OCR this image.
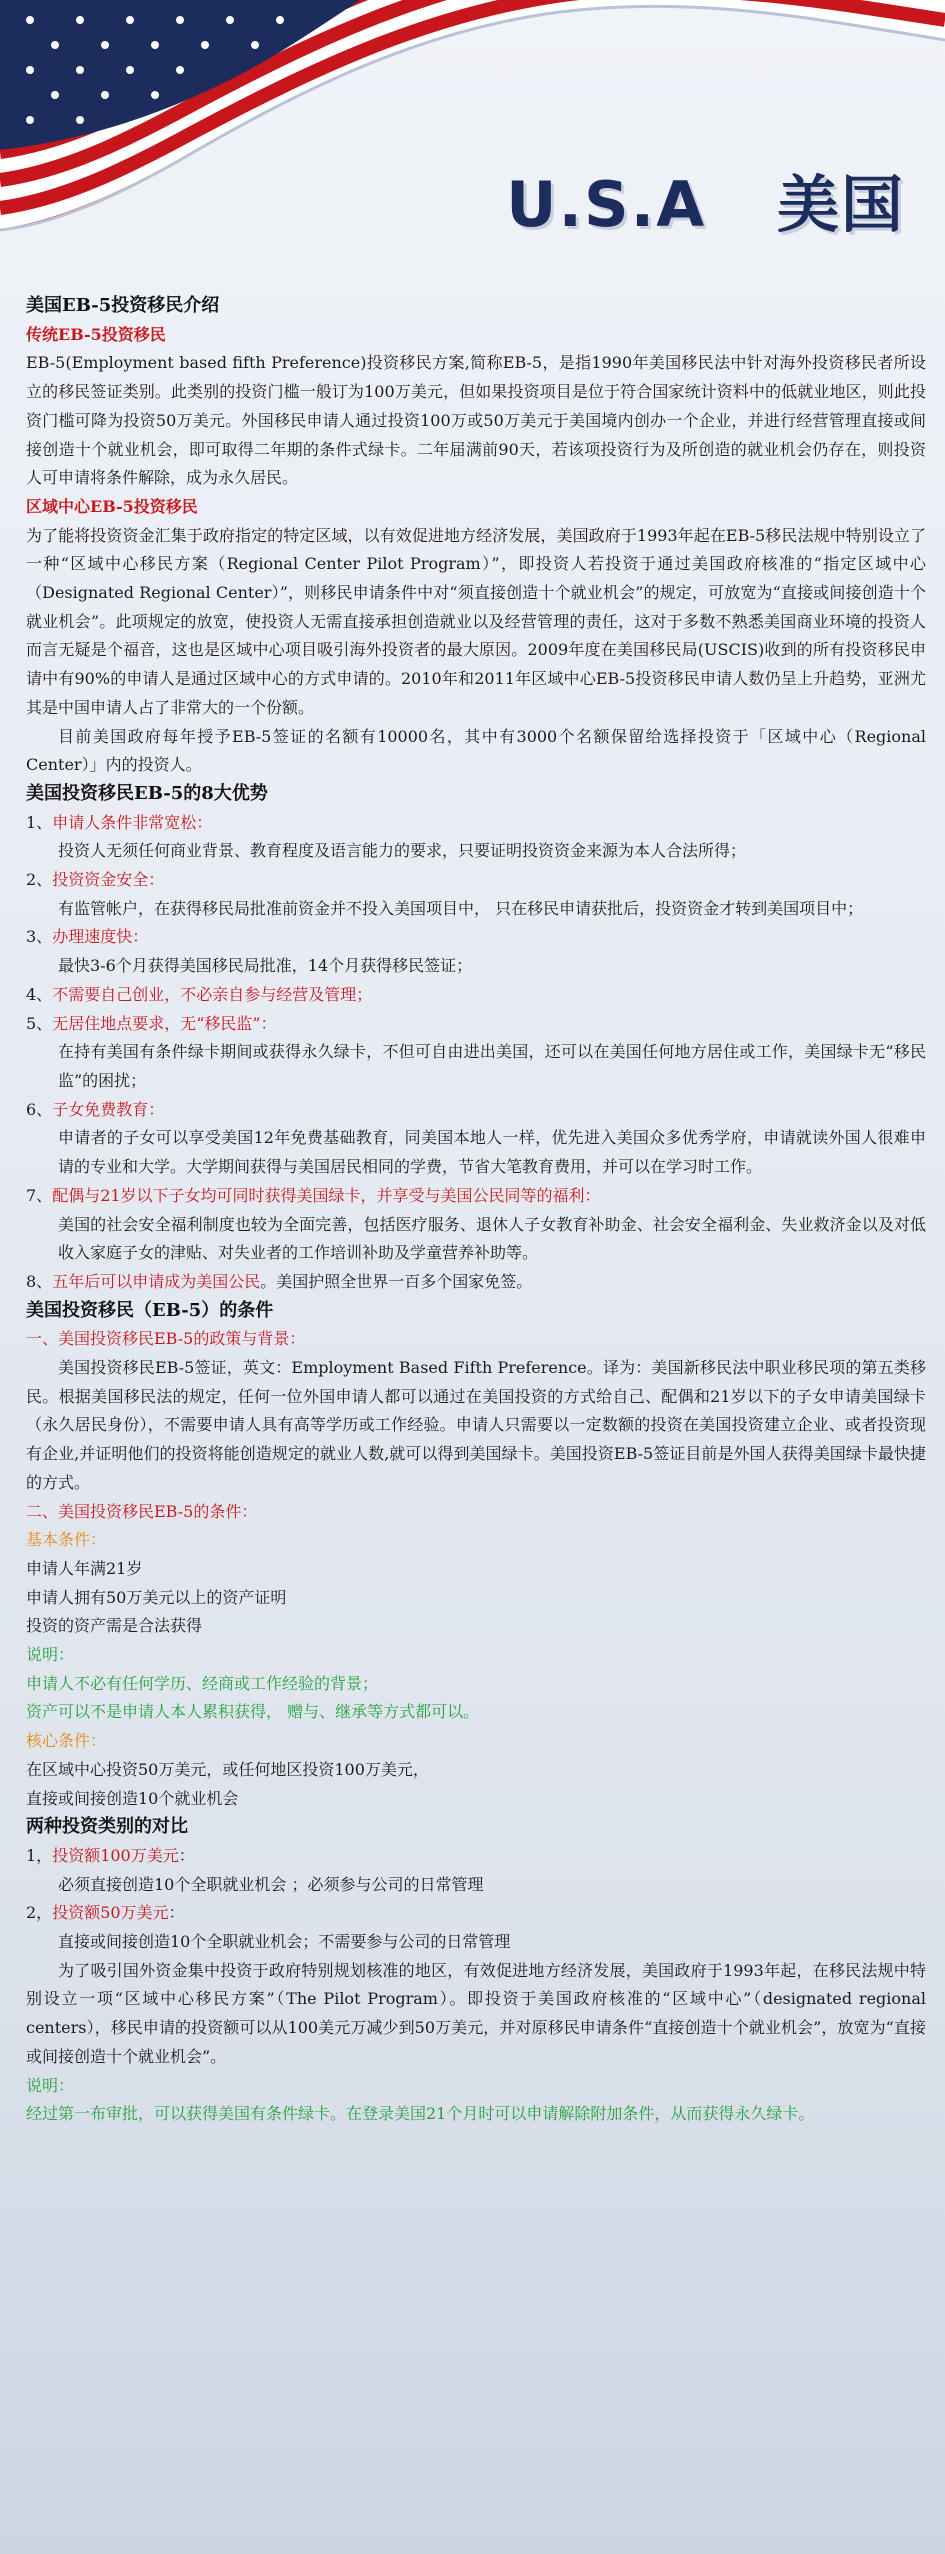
U.S.A 美国

美国EB-5投资移民介绍

传统EB-5投资移民

EB-5(Employment based fifth Preference)投资移民方案,简称EB-5，是指1990年美国移民法中针对海外投资移民者所设立的移民签证类别。此类别的投资门槛一般订为100万美元，但如果投资项目是位于符合国家统计资料中的低就业地区，则此投资门槛可降为投资50万美元。外国移民申请人通过投资100万或50万美元于美国境内创办一个企业，并进行经营管理直接或间接创造十个就业机会，即可取得二年期的条件式绿卡。二年届满前90天，若该项投资行为及所创造的就业机会仍存在，则投资人可申请将条件解除，成为永久居民。

区域中心EB-5投资移民

为了能将投资资金汇集于政府指定的特定区域，以有效促进地方经济发展，美国政府于1993年起在EB-5移民法规中特别设立了一种“区域中心移民方案（Regional Center Pilot Program）”，即投资人若投资于通过美国政府核准的“指定区域中心（Designated Regional Center）”，则移民申请条件中对“须直接创造十个就业机会”的规定，可放宽为“直接或间接创造十个就业机会”。此项规定的放宽，使投资人无需直接承担创造就业以及经营管理的责任，这对于多数不熟悉美国商业环境的投资人而言无疑是个福音，这也是区域中心项目吸引海外投资者的最大原因。2009年度在美国移民局(USCIS)收到的所有投资移民申请中有90%的申请人是通过区域中心的方式申请的。2010年和2011年区域中心EB-5投资移民申请人数仍呈上升趋势，亚洲尤其是中国申请人占了非常大的一个份额。

目前美国政府每年授予EB-5签证的名额有10000名，其中有3000个名额保留给选择投资于「区域中心（Regional Center）」内的投资人。

美国投资移民EB-5的8大优势

1、申请人条件非常宽松：

投资人无须任何商业背景、教育程度及语言能力的要求，只要证明投资资金来源为本人合法所得；

2、投资资金安全：

有监管帐户，在获得移民局批准前资金并不投入美国项目中， 只在移民申请获批后，投资资金才转到美国项目中；

3、办理速度快：

最快3-6个月获得美国移民局批准，14个月获得移民签证；

4、不需要自己创业，不必亲自参与经营及管理；

5、无居住地点要求，无“移民监”：

在持有美国有条件绿卡期间或获得永久绿卡，不但可自由进出美国，还可以在美国任何地方居住或工作，美国绿卡无“移民监”的困扰；

6、子女免费教育：

申请者的子女可以享受美国12年免费基础教育，同美国本地人一样，优先进入美国众多优秀学府，申请就读外国人很难申请的专业和大学。大学期间获得与美国居民相同的学费，节省大笔教育费用，并可以在学习时工作。

7、配偶与21岁以下子女均可同时获得美国绿卡，并享受与美国公民同等的福利：

美国的社会安全福利制度也较为全面完善，包括医疗服务、退休人子女教育补助金、社会安全福利金、失业救济金以及对低收入家庭子女的津贴、对失业者的工作培训补助及学童营养补助等。

8、五年后可以申请成为美国公民。美国护照全世界一百多个国家免签。

美国投资移民（EB-5）的条件

一、美国投资移民EB-5的政策与背景：

美国投资移民EB-5签证，英文：Employment Based Fifth Preference。译为：美国新移民法中职业移民项的第五类移民。根据美国移民法的规定，任何一位外国申请人都可以通过在美国投资的方式给自己、配偶和21岁以下的子女申请美国绿卡（永久居民身份），不需要申请人具有高等学历或工作经验。申请人只需要以一定数额的投资在美国投资建立企业、或者投资现有企业,并证明他们的投资将能创造规定的就业人数,就可以得到美国绿卡。美国投资EB-5签证目前是外国人获得美国绿卡最快捷的方式。

二、美国投资移民EB-5的条件：

基本条件：

申请人年满21岁

申请人拥有50万美元以上的资产证明

投资的资产需是合法获得

说明：

申请人不必有任何学历、经商或工作经验的背景；

资产可以不是申请人本人累积获得， 赠与、继承等方式都可以。

核心条件：

在区域中心投资50万美元，或任何地区投资100万美元，

直接或间接创造10个就业机会

两种投资类别的对比

1，投资额100万美元：

必须直接创造10个全职就业机会 ；必须参与公司的日常管理

2，投资额50万美元：

直接或间接创造10个全职就业机会；不需要参与公司的日常管理

为了吸引国外资金集中投资于政府特别规划核准的地区，有效促进地方经济发展，美国政府于1993年起，在移民法规中特别设立一项“区域中心移民方案”（The Pilot Program）。即投资于美国政府核准的“区域中心”（designated regional centers），移民申请的投资额可以从100美元万减少到50万美元，并对原移民申请条件“直接创造十个就业机会”，放宽为“直接或间接创造十个就业机会”。

说明：

经过第一布审批，可以获得美国有条件绿卡。在登录美国21个月时可以申请解除附加条件，从而获得永久绿卡。
